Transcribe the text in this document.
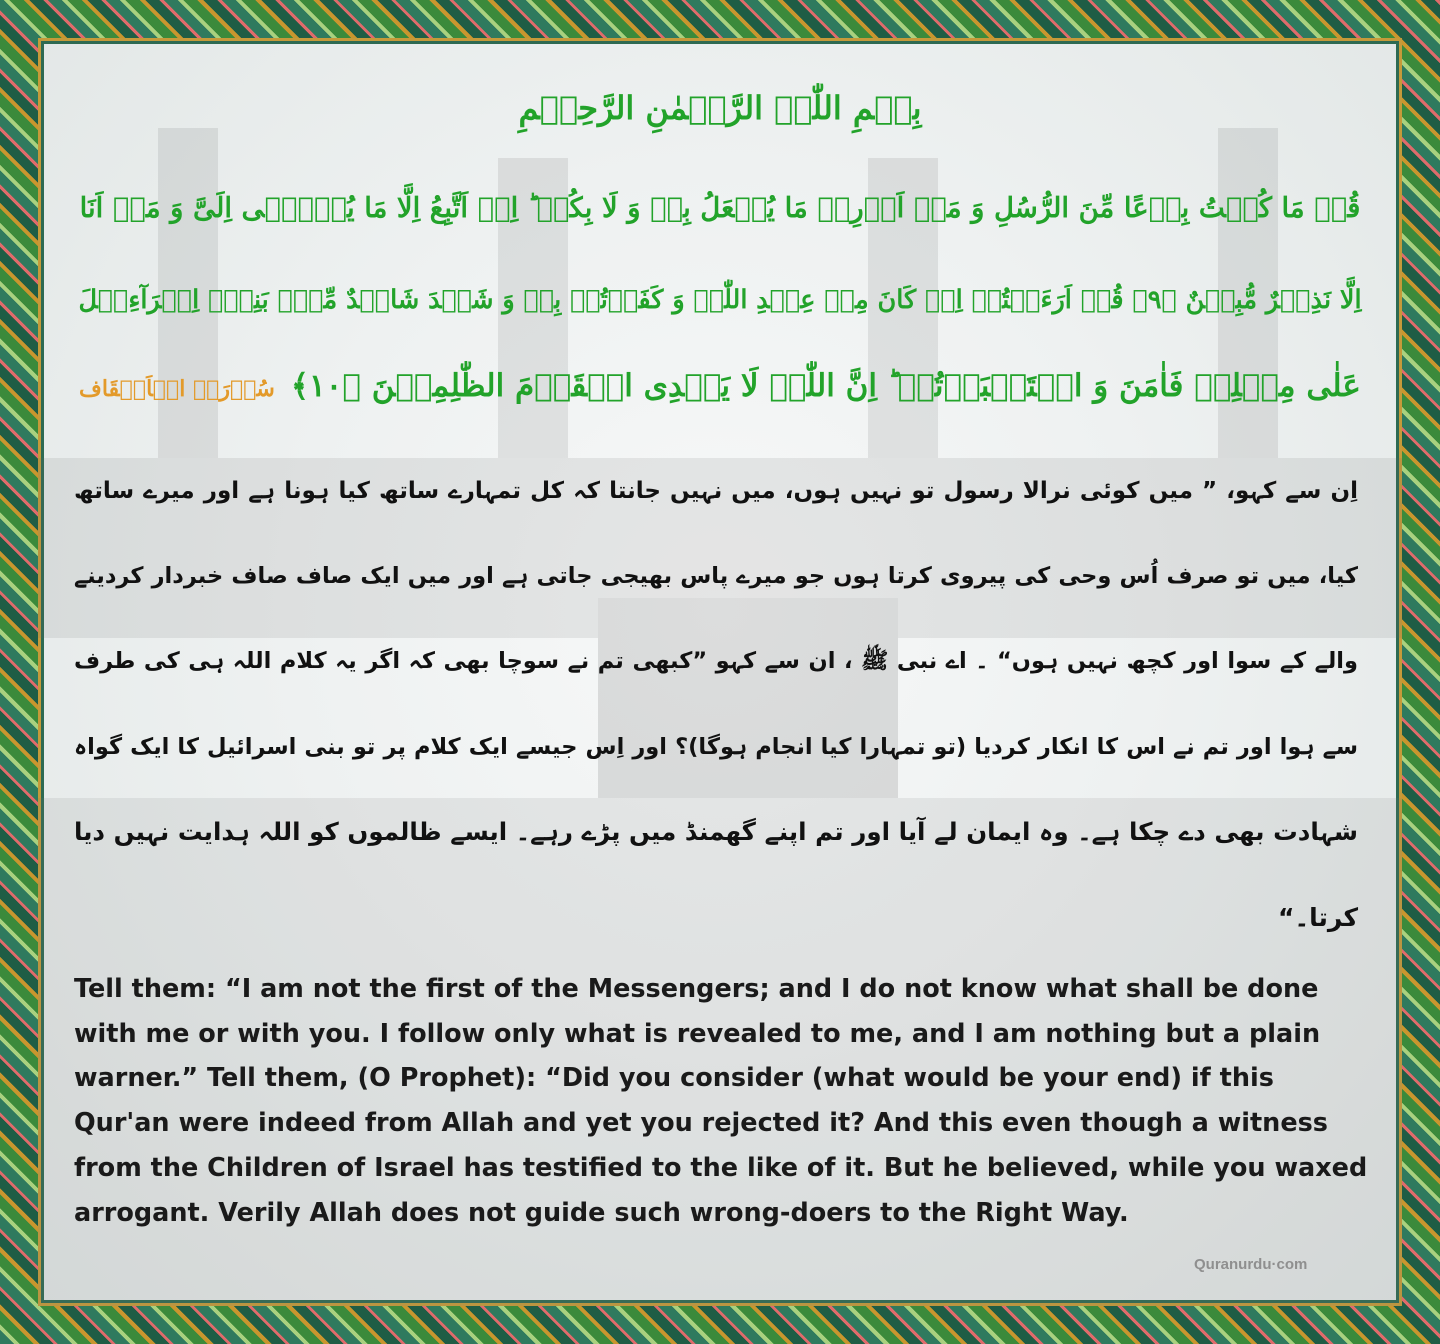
بِسۡمِ اللّٰہِ الرَّحۡمٰنِ الرَّحِیۡمِ
قُلۡ مَا کُنۡتُ بِدۡعًا مِّنَ الرُّسُلِ وَ مَاۤ اَدۡرِیۡ مَا یُفۡعَلُ بِیۡ وَ لَا بِکُمۡ ؕ اِنۡ اَتَّبِعُ اِلَّا مَا یُوۡحٰۤی اِلَیَّ وَ مَاۤ اَنَا
اِلَّا نَذِیۡرٌ مُّبِیۡنٌ ﴿۹﴾ قُلۡ اَرَءَیۡتُمۡ اِنۡ کَانَ مِنۡ عِنۡدِ اللّٰہِ وَ کَفَرۡتُمۡ بِہٖ وَ شَہِدَ شَاہِدٌ مِّنۡۢ بَنِیۡۤ اِسۡرَآءِیۡلَ
عَلٰی مِثۡلِہٖ فَاٰمَنَ وَ اسۡتَکۡبَرۡتُمۡ ؕ اِنَّ اللّٰہَ لَا یَہۡدِی الۡقَوۡمَ الظّٰلِمِیۡنَ ﴿۱۰﴾سُوۡرَۃُ الۡاَحۡقَاف
اِن سے کہو، ” میں کوئی نرالا رسول تو نہیں ہوں، میں نہیں جانتا کہ کل تمہارے ساتھ کیا ہونا ہے اور میرے ساتھ
کیا، میں تو صرف اُس وحی کی پیروی کرتا ہوں جو میرے پاس بھیجی جاتی ہے اور میں ایک صاف صاف خبردار کردینے
والے کے سوا اور کچھ نہیں ہوں“ ۔ اے نبی ﷺ ، ان سے کہو ”کبھی تم نے سوچا بھی کہ اگر یہ کلام اللہ ہی کی طرف
سے ہوا اور تم نے اس کا انکار کردیا (تو تمہارا کیا انجام ہوگا)؟ اور اِس جیسے ایک کلام پر تو بنی اسرائیل کا ایک گواہ
شہادت بھی دے چکا ہے۔ وہ ایمان لے آیا اور تم اپنے گھمنڈ میں پڑے رہے۔ ایسے ظالموں کو اللہ ہدایت نہیں دیا
کرتا۔“
Tell them: “I am not the first of the Messengers; and I do not know what shall be done with me or with you. I follow only what is revealed to me, and I am nothing but a plain warner.” Tell them, (O Prophet): “Did you consider (what would be your end) if this Qur'an were indeed from Allah and yet you rejected it? And this even though a witness from the Children of Israel has testified to the like of it. But he believed, while you waxed arrogant. Verily Allah does not guide such wrong-doers to the Right Way.
Quranurdu·com
